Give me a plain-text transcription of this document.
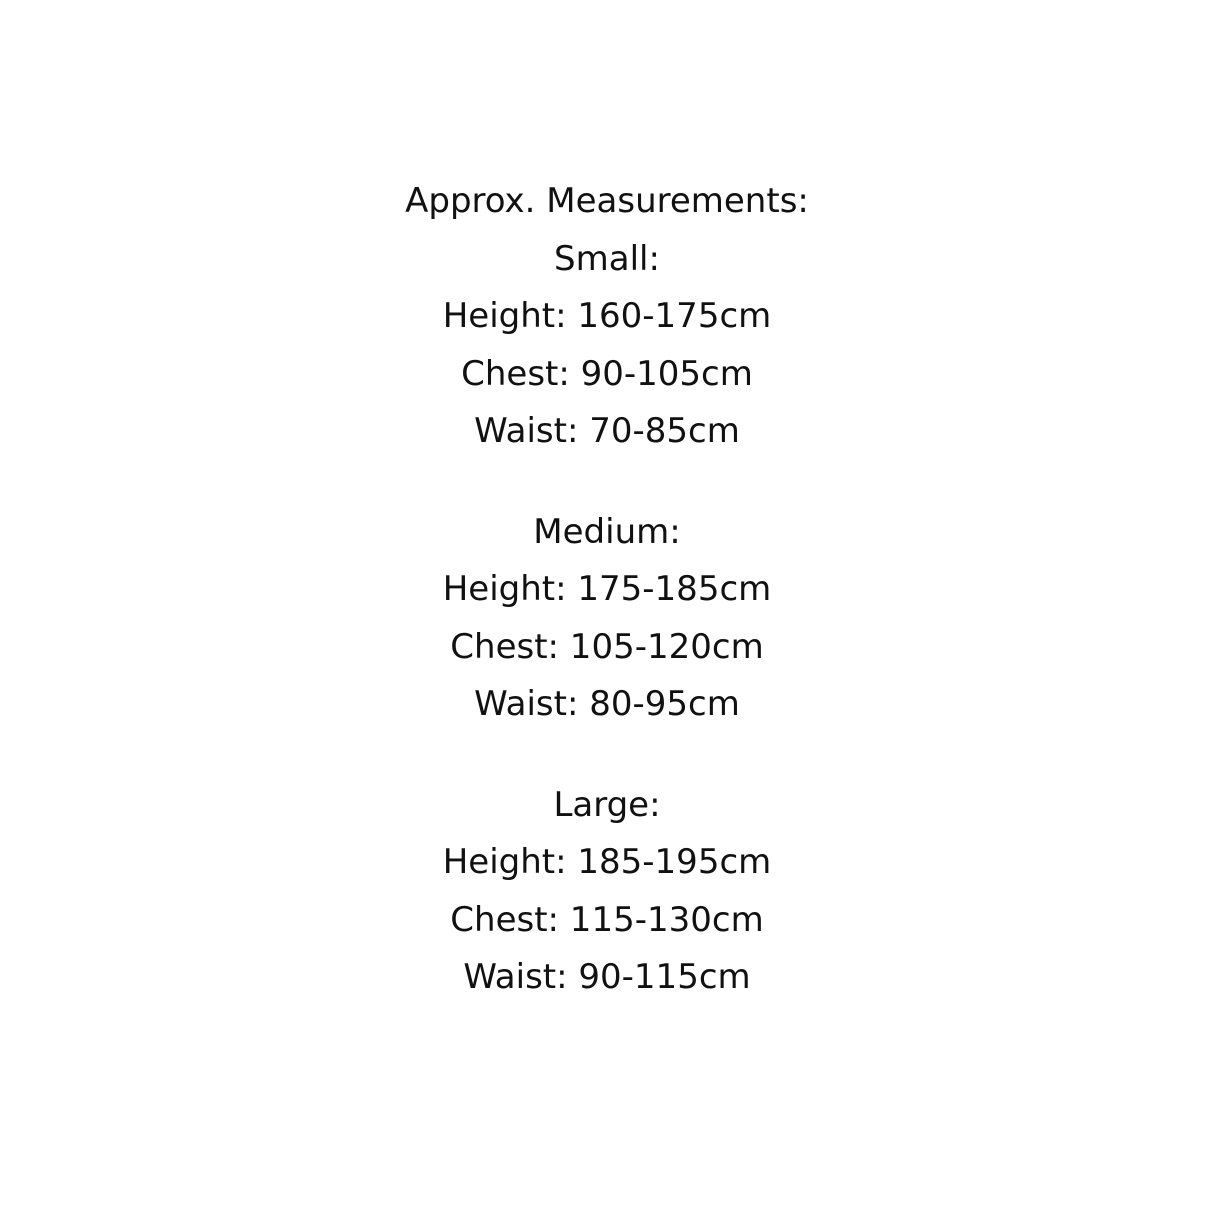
Approx. Measurements:
Small:
Height: 160-175cm
Chest: 90-105cm
Waist: 70-85cm
Medium:
Height: 175-185cm
Chest: 105-120cm
Waist: 80-95cm
Large:
Height: 185-195cm
Chest: 115-130cm
Waist: 90-115cm
